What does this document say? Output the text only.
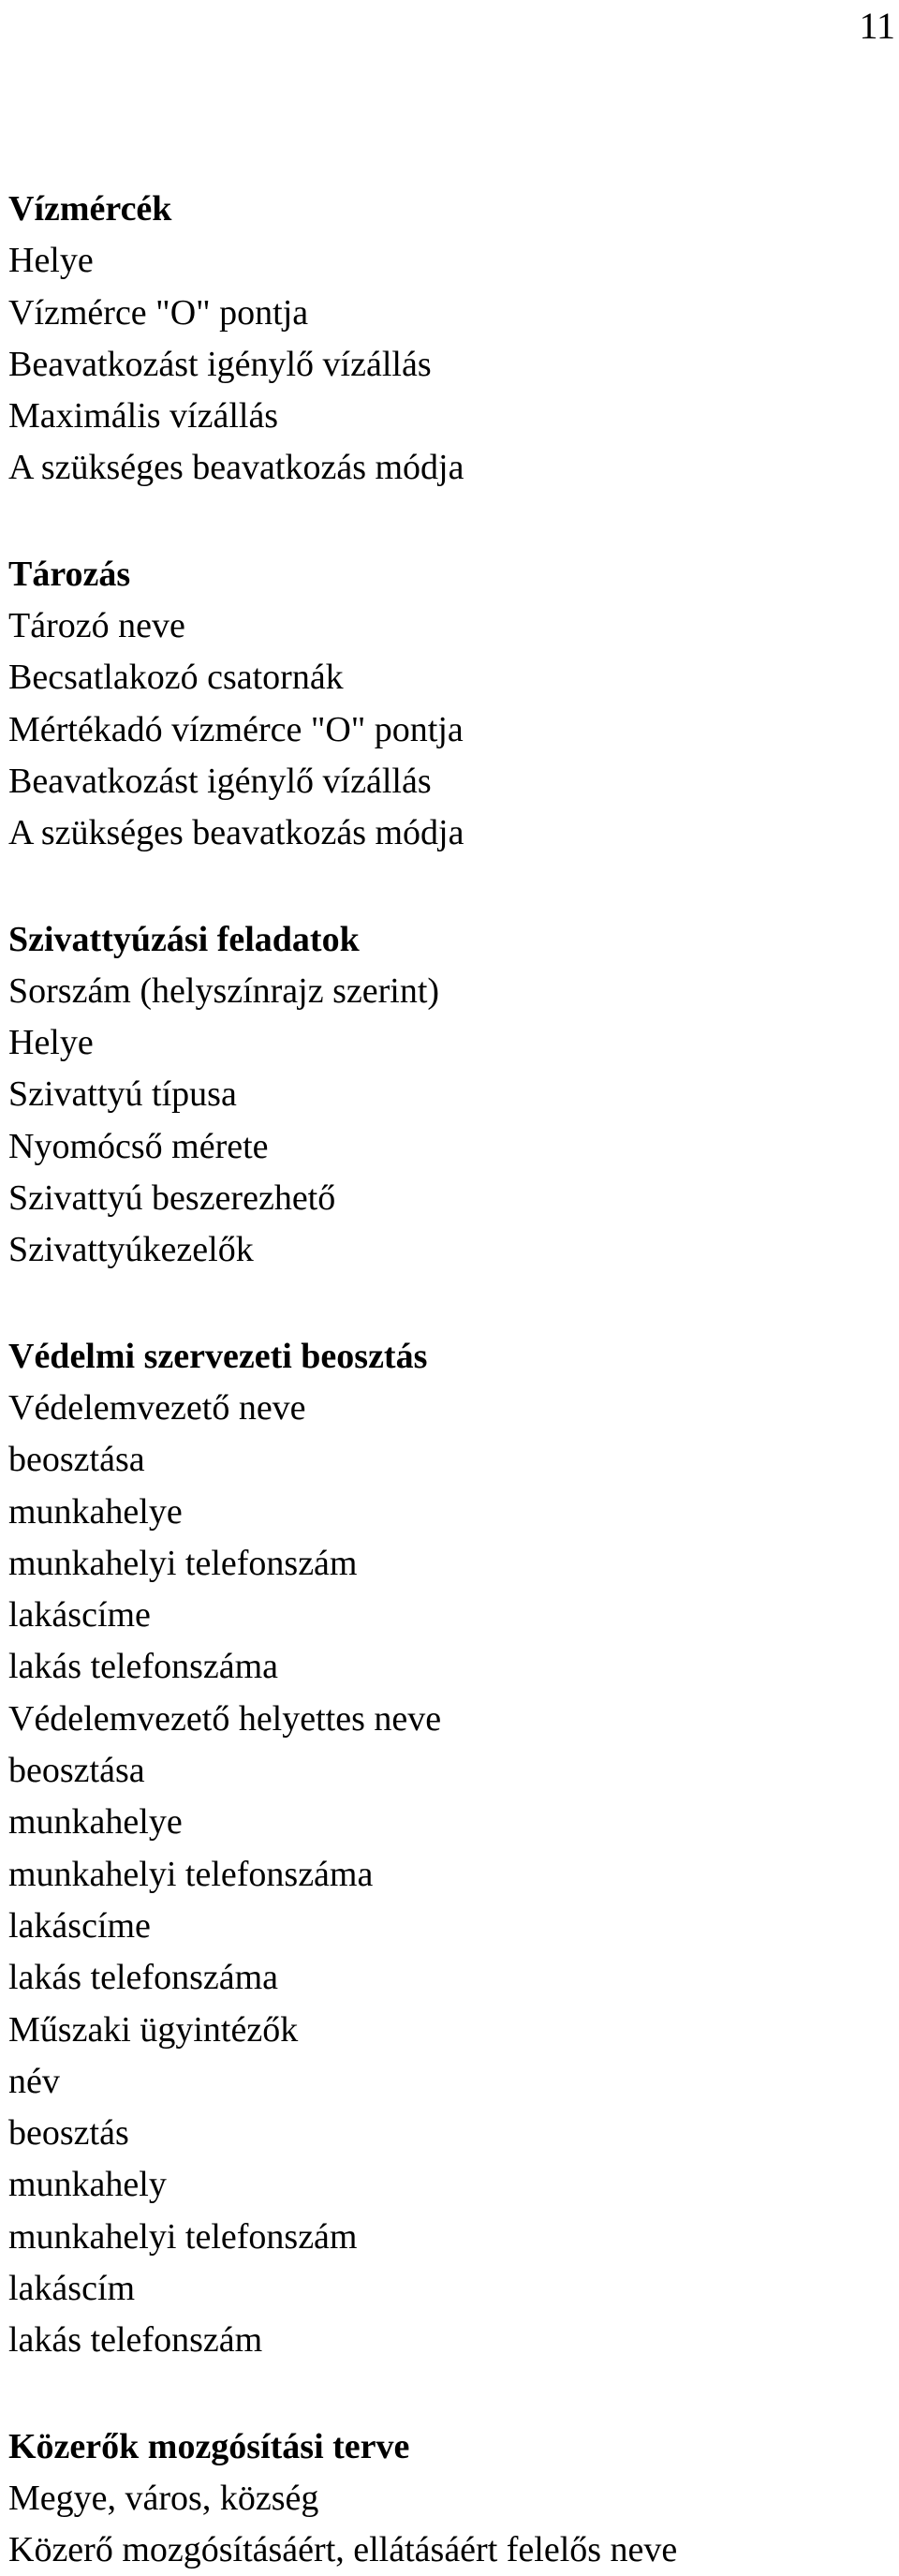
11
Vízmércék
Helye
Vízmérce "O" pontja
Beavatkozást igénylő vízállás
Maximális vízállás
A szükséges beavatkozás módja
Tározás
Tározó neve
Becsatlakozó csatornák
Mértékadó vízmérce "O" pontja
Beavatkozást igénylő vízállás
A szükséges beavatkozás módja
Szivattyúzási feladatok
Sorszám (helyszínrajz szerint)
Helye
Szivattyú típusa
Nyomócső mérete
Szivattyú beszerezhető
Szivattyúkezelők
Védelmi szervezeti beosztás
Védelemvezető neve
beosztása
munkahelye
munkahelyi telefonszám
lakáscíme
lakás telefonszáma
Védelemvezető helyettes neve
beosztása
munkahelye
munkahelyi telefonszáma
lakáscíme
lakás telefonszáma
Műszaki ügyintézők
név
beosztás
munkahely
munkahelyi telefonszám
lakáscím
lakás telefonszám
Közerők mozgósítási terve
Megye, város, község
Közerő mozgósításáért, ellátásáért felelős neve
